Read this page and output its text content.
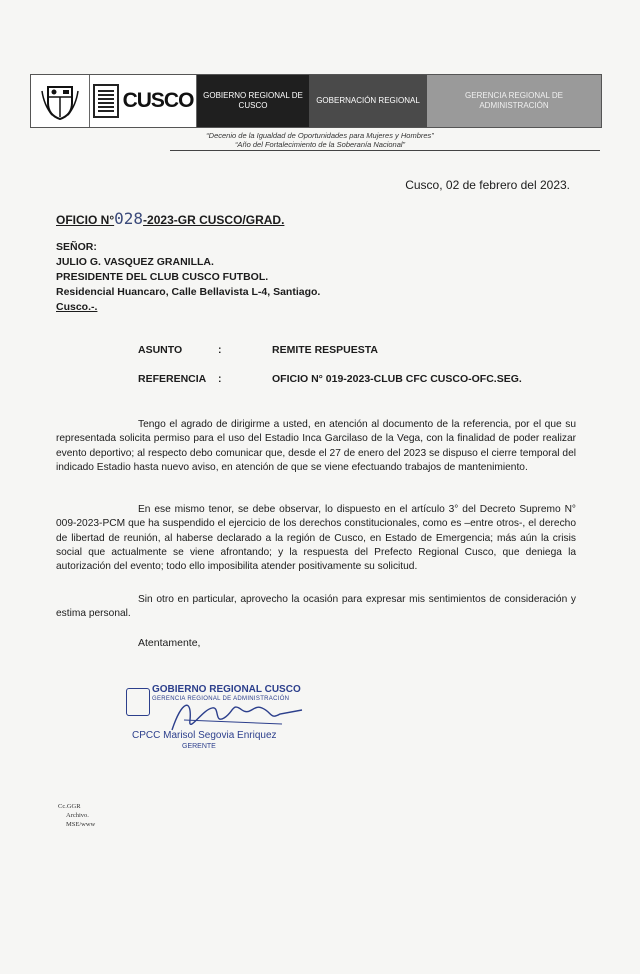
CUSCO	GOBIERNO REGIONAL DE CUSCO
GOBERNACIÓN REGIONAL
GERENCIA REGIONAL DE ADMINISTRACIÓN
“Decenio de la Igualdad de Oportunidades para Mujeres y Hombres”
“Año del Fortalecimiento de la Soberanía Nacional”
Cusco, 02 de febrero del 2023.
OFICIO N°028-2023-GR CUSCO/GRAD.
SEÑOR:
JULIO G. VASQUEZ GRANILLA.
PRESIDENTE DEL CLUB CUSCO FUTBOL.
Residencial Huancaro, Calle Bellavista L-4, Santiago.
Cusco.-.
ASUNTO	:	REMITE RESPUESTA
REFERENCIA :	OFICIO N° 019-2023-CLUB CFC CUSCO-OFC.SEG.

Tengo el agrado de dirigirme a usted, en atención al documento de la referencia, por el que su representada solicita permiso para el uso del Estadio Inca Garcilaso de la Vega, con la finalidad de poder realizar evento deportivo; al respecto debo comunicar que, desde el 27 de enero del 2023 se dispuso el cierre temporal del indicado Estadio hasta nuevo aviso, en atención de que se viene efectuando trabajos de mantenimiento.

En ese mismo tenor, se debe observar, lo dispuesto en el artículo 3° del Decreto Supremo N° 009-2023-PCM que ha suspendido el ejercicio de los derechos constitucionales, como es –entre otros-, el derecho de libertad de reunión, al haberse declarado a la región de Cusco, en Estado de Emergencia; más aún la crisis social que actualmente se viene afrontando; y la respuesta del Prefecto Regional Cusco, que deniega la autorización del evento; todo ello imposibilita atender positivamente su solicitud.

Sin otro en particular, aprovecho la ocasión para expresar mis sentimientos de consideración y estima personal.

Atentamente,
GOBIERNO REGIONAL CUSCO
GERENCIA REGIONAL DE ADMINISTRACIÓN
CPCC Marisol Segovia Enriquez
GERENTE
Cc.GGR
Archivo.
MSE/www
